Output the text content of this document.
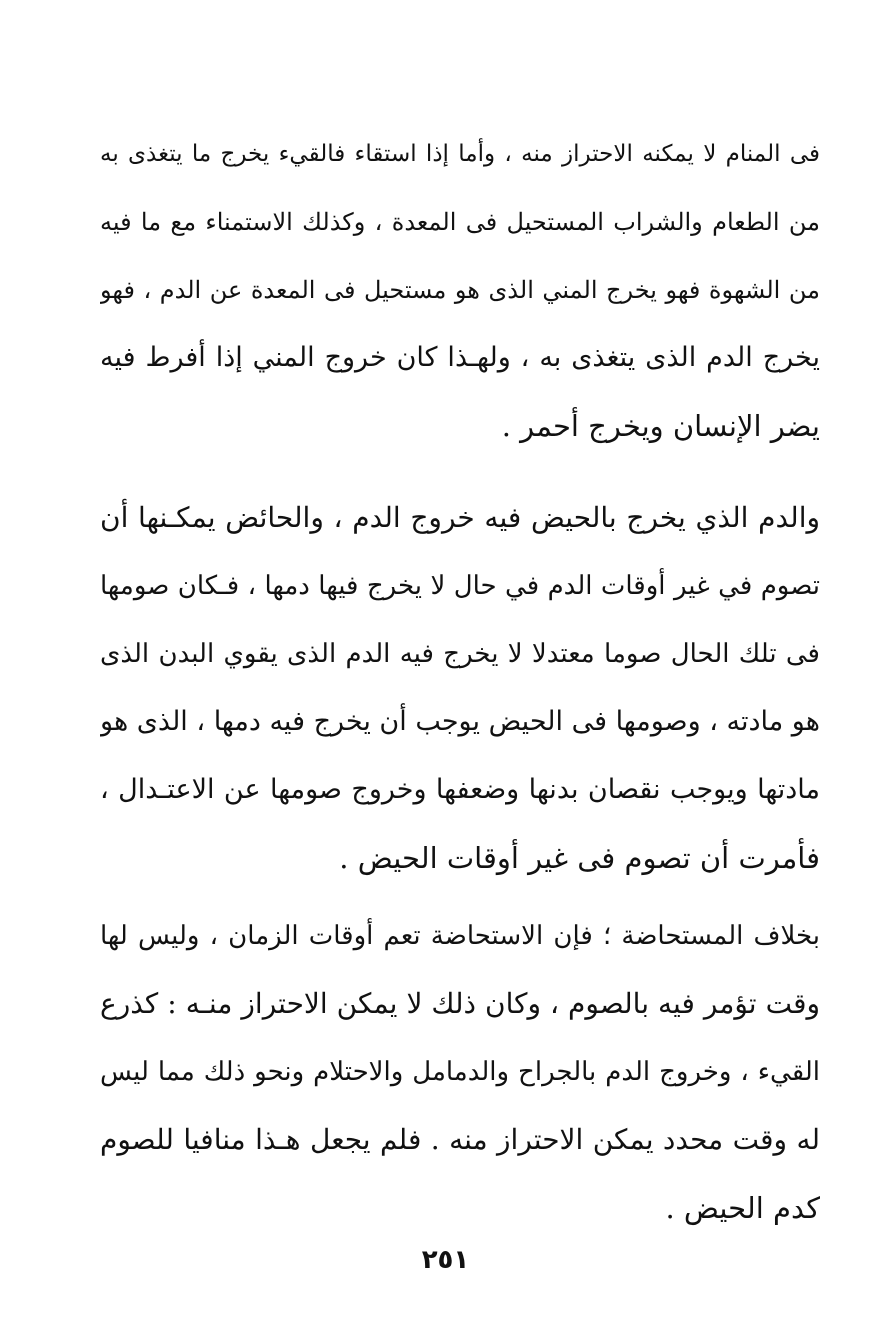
فى المنام لا يمكنه الاحتراز منه ، وأما إذا استقاء فالقيء يخرج ما يتغذى به
من الطعام والشراب المستحيل فى المعدة ، وكذلك الاستمناء مع ما فيه
من الشهوة فهو يخرج المني الذى هو مستحيل فى المعدة عن الدم ، فهو
يخرج الدم الذى يتغذى به ، ولهـذا كان خروج المني إذا أفرط فيه
يضر الإنسان ويخرج أحمر .
والدم الذي يخرج بالحيض فيه خروج الدم ، والحائض يمكـنها أن
تصوم في غير أوقات الدم في حال لا يخرج فيها دمها ، فـكان صومها
فى تلك الحال صوما معتدلا لا يخرج فيه الدم الذى يقوي البدن الذى
هو مادته ، وصومها فى الحيض يوجب أن يخرج فيه دمها ، الذى هو
مادتها ويوجب نقصان بدنها وضعفها وخروج صومها عن الاعتـدال ،
فأمرت أن تصوم فى غير أوقات الحيض .
بخلاف المستحاضة ؛ فإن الاستحاضة تعم أوقات الزمان ، وليس لها
وقت تؤمر فيه بالصوم ، وكان ذلك لا يمكن الاحتراز منـه : كذرع
القيء ، وخروج الدم بالجراح والدمامل والاحتلام ونحو ذلك مما ليس
له وقت محدد يمكن الاحتراز منه . فلم يجعل هـذا منافيا للصوم
كدم الحيض .
٢٥١
